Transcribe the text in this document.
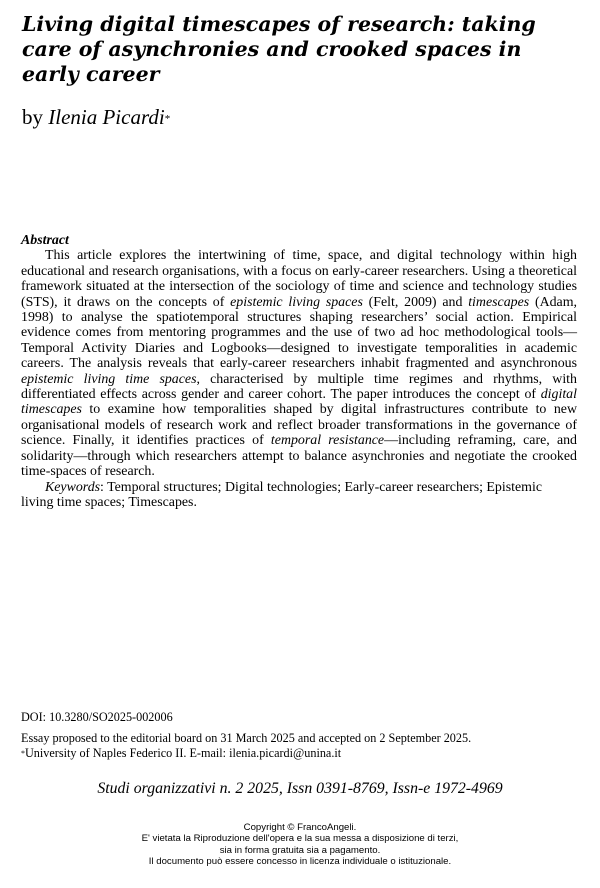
Living digital timescapes of research: taking care of asynchronies and crooked spaces in early career
by Ilenia Picardi*
Abstract

This article explores the intertwining of time, space, and digital technology within high educational and research organisations, with a focus on early-career researchers. Using a theoretical framework situated at the intersection of the sociology of time and science and technology studies (STS), it draws on the concepts of epistemic living spaces (Felt, 2009) and timescapes (Adam, 1998) to analyse the spatiotemporal structures shaping researchers’ social action. Empirical evidence comes from mentoring programmes and the use of two ad hoc methodological tools—Temporal Activity Diaries and Logbooks—designed to investigate temporalities in academic careers. The analysis reveals that early-career researchers inhabit fragmented and asynchronous epistemic living time spaces, characterised by multiple time regimes and rhythms, with differentiated effects across gender and career cohort. The paper introduces the concept of digital timescapes to examine how temporalities shaped by digital infrastructures contribute to new organisational models of research work and reflect broader transformations in the governance of science. Finally, it identifies practices of temporal resistance—including reframing, care, and solidarity—through which researchers attempt to balance asynchronies and negotiate the crooked time-spaces of research.

Keywords: Temporal structures; Digital technologies; Early-career researchers; Epistemic living time spaces; Timescapes.

DOI: 10.3280/SO2025-002006
Essay proposed to the editorial board on 31 March 2025 and accepted on 2 September 2025.
*University of Naples Federico II. E-mail: ilenia.picardi@unina.it
Studi organizzativi n. 2 2025, Issn 0391-8769, Issn-e 1972-4969
Copyright © FrancoAngeli.
E' vietata la Riproduzione dell'opera e la sua messa a disposizione di terzi,
sia in forma gratuita sia a pagamento.
Il documento può essere concesso in licenza individuale o istituzionale.
